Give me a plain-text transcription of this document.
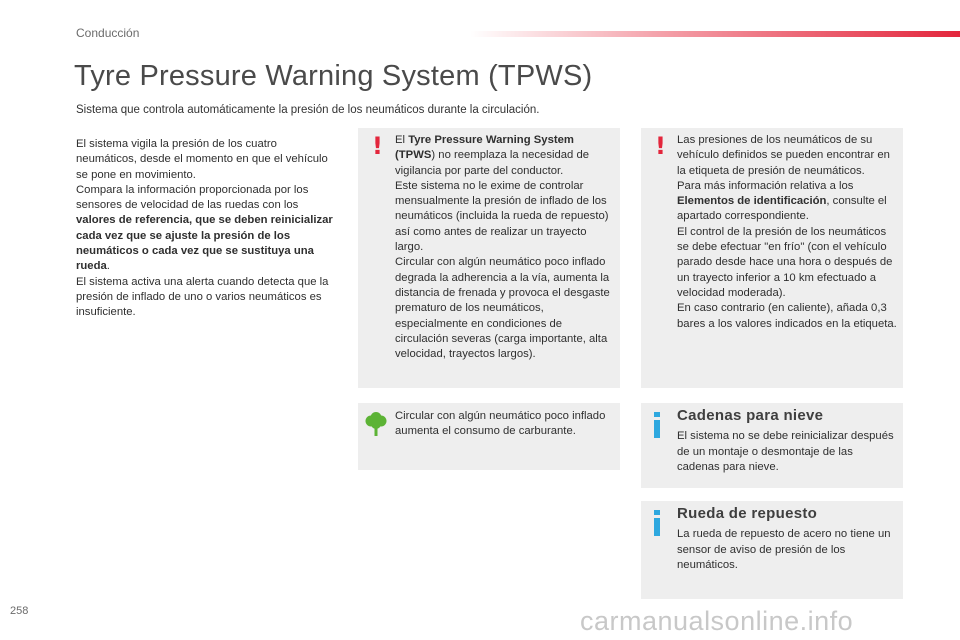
Conducción
Tyre Pressure Warning System (TPWS)
Sistema que controla automáticamente la presión de los neumáticos durante la circulación.

El sistema vigila la presión de los cuatro neumáticos, desde el momento en que el vehículo se pone en movimiento.

Compara la información proporcionada por los sensores de velocidad de las ruedas con los valores de referencia, que se deben reinicializar cada vez que se ajuste la presión de los neumáticos o cada vez que se sustituya una rueda.

El sistema activa una alerta cuando detecta que la presión de inflado de uno o varios neumáticos es insuficiente.

! El Tyre Pressure Warning System (TPWS) no reemplaza la necesidad de vigilancia por parte del conductor.

Este sistema no le exime de controlar mensualmente la presión de inflado de los neumáticos (incluida la rueda de repuesto) así como antes de realizar un trayecto largo.

Circular con algún neumático poco inflado degrada la adherencia a la vía, aumenta la distancia de frenada y provoca el desgaste prematuro de los neumáticos, especialmente en condiciones de circulación severas (carga importante, alta velocidad, trayectos largos).

! Las presiones de los neumáticos de su vehículo definidos se pueden encontrar en la etiqueta de presión de neumáticos.

Para más información relativa a los Elementos de identificación, consulte el apartado correspondiente.

El control de la presión de los neumáticos se debe efectuar "en frío" (con el vehículo parado desde hace una hora o después de un trayecto inferior a 10 km efectuado a velocidad moderada).

En caso contrario (en caliente), añada 0,3 bares a los valores indicados en la etiqueta.

Circular con algún neumático poco inflado aumenta el consumo de carburante.

Cadenas para nieve

El sistema no se debe reinicializar después de un montaje o desmontaje de las cadenas para nieve.

Rueda de repuesto

La rueda de repuesto de acero no tiene un sensor de aviso de presión de los neumáticos.

258	carmanualsonline.info
